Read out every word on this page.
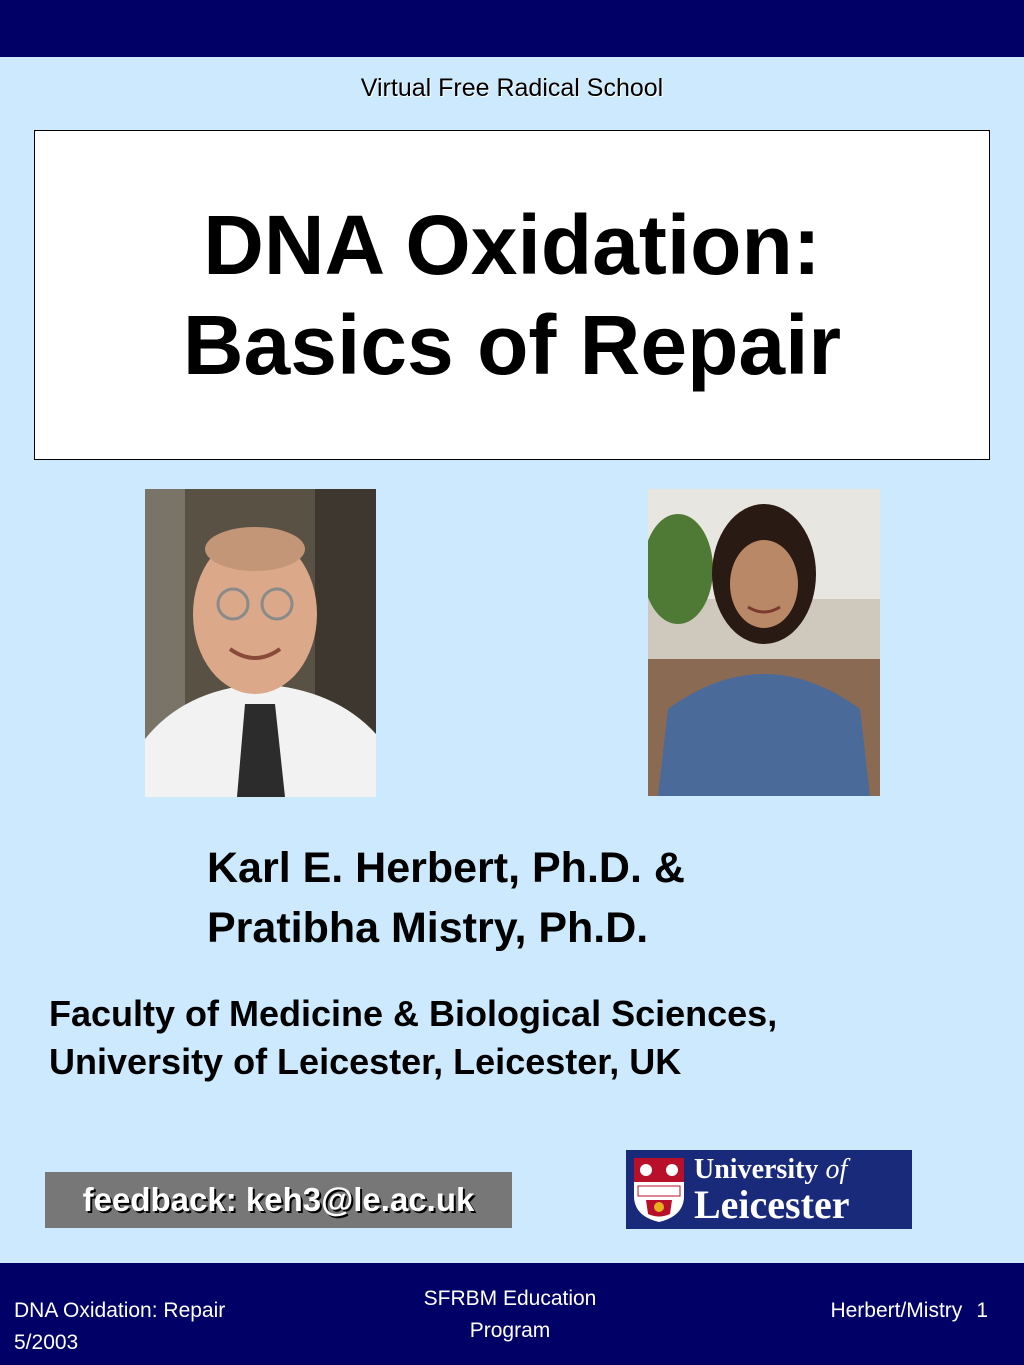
Virtual Free Radical School
DNA Oxidation:
Basics of Repair
Karl E. Herbert, Ph.D. &
Pratibha Mistry, Ph.D.
Faculty of Medicine & Biological Sciences,
University of Leicester, Leicester, UK
feedback: keh3@le.ac.uk
University of
Leicester
DNA Oxidation: Repair
5/2003
SFRBM Education
Program
Herbert/Mistry 1
